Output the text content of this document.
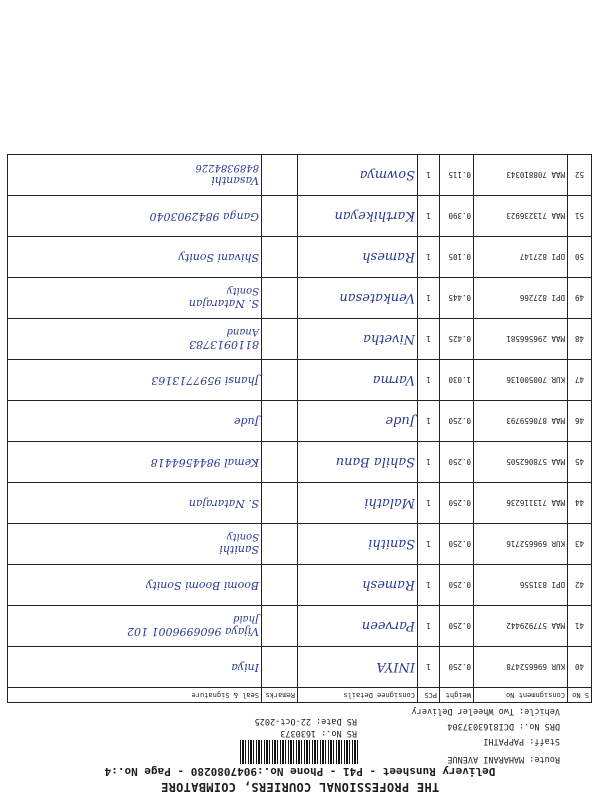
THE PROFESSIONAL COURIERS, COIMBATORE
Delivery Runsheet - P41 - Phone No.:9047080280 - Page No.:4
Route: MAHARANI AVENUE
Staff: PAPPATHI
DRS No.: DCI8163037304
Vehicle: Two Wheeler Delivery
RS No.: 1630373
RS Date: 22-Oct-2025
S No	Consignment No	Weight	PCS	Consignee Details	Remarks	Seal & Signature
40	KUR 696652478	0.250	1	INIYA		Iniya

41	MAA 577929442	0.250	1	Parveen		Vijaya 9606996001 102
Jhaid

42	DPI 831556	0.250	1	Ramesh		Boomi Boomi Sonity

43	KUR 696652716	0.250	1	Sanithi		Sanithi
Sonity

44	MAA 713116236	0.250	1	Malathi		S. Natarajan

45	MAA 578062505	0.250	1	Sahila Banu		Kemal 9844564418

46	MAA 870659793	0.250	1	Jude		Jude

47	KUR 700500136	1.030	1	Varma		Jhansi 9597713163

48	MAA 296566581	0.425	1	Nivetha		8110913783
Anand

49	DPI 827266	0.445	1	Venkatesan		S. Natarajan
Sonity

50	DPI 827147	0.105	1	Ramesh		Shivani Sonity

51	MAA 713236923	0.390	1	Karthikeyan		Ganga 9842903040

52	MAA 708810343	0.115	1	Sowmya		Vasanthi
8489384226
